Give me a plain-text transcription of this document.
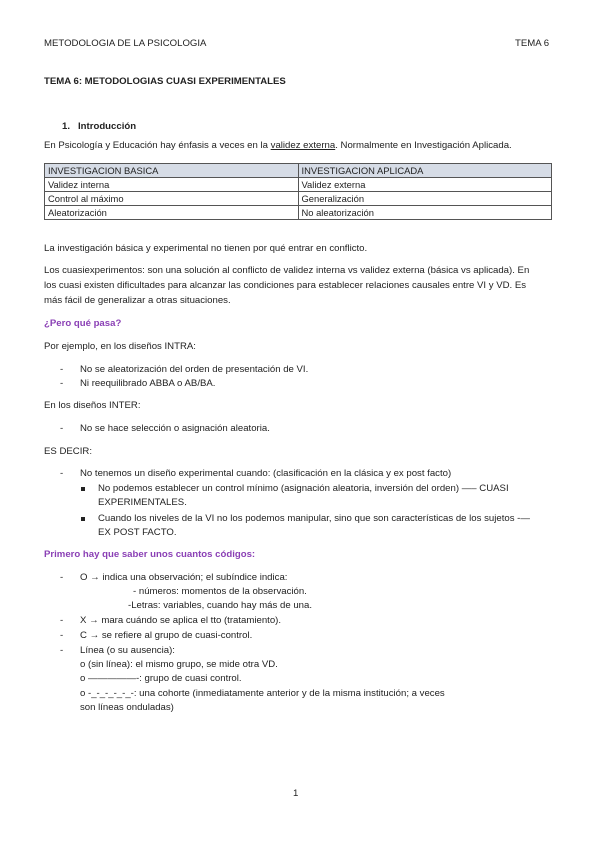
METODOLOGIA DE LA PSICOLOGIA	TEMA 6
TEMA 6: METODOLOGIAS CUASI EXPERIMENTALES
1. Introducción
En Psicología y Educación hay énfasis a veces en la validez externa. Normalmente en Investigación Aplicada.
INVESTIGACION BASICA	INVESTIGACION APLICADA
Validez interna	Validez externa
Control al máximo	Generalización
Aleatorización	No aleatorización
La investigación básica y experimental no tienen por qué entrar en conflicto.
Los cuasiexperimentos: son una solución al conflicto de validez interna vs validez externa (básica vs aplicada). En
los cuasi existen dificultades para alcanzar las condiciones para establecer relaciones causales entre VI y VD. Es
más fácil de generalizar a otras situaciones.
¿Pero qué pasa?
Por ejemplo, en los diseños INTRA:
- No se aleatorización del orden de presentación de VI.
- Ni reequilibrado ABBA o AB/BA.
En los diseños INTER:
- No se hace selección o asignación aleatoria.
ES DECIR:
- No tenemos un diseño experimental cuando: (clasificación en la clásica y ex post facto)
No podemos establecer un control mínimo (asignación aleatoria, inversión del orden) —– CUASI
EXPERIMENTALES.
Cuando los niveles de la VI no los podemos manipular, sino que son características de los sujetos -—
EX POST FACTO.
Primero hay que saber unos cuantos códigos:
- O → indica una observación; el subíndice indica:
- números: momentos de la observación.
-Letras: variables, cuando hay más de una.
- X → mara cuándo se aplica el tto (tratamiento).
- C → se refiere al grupo de cuasi-control.
- Línea (o su ausencia):
o (sin línea): el mismo grupo, se mide otra VD.
o —————-: grupo de cuasi control.
o -_-_-_-_-_-: una cohorte (inmediatamente anterior y de la misma institución; a veces
son líneas onduladas)
1
